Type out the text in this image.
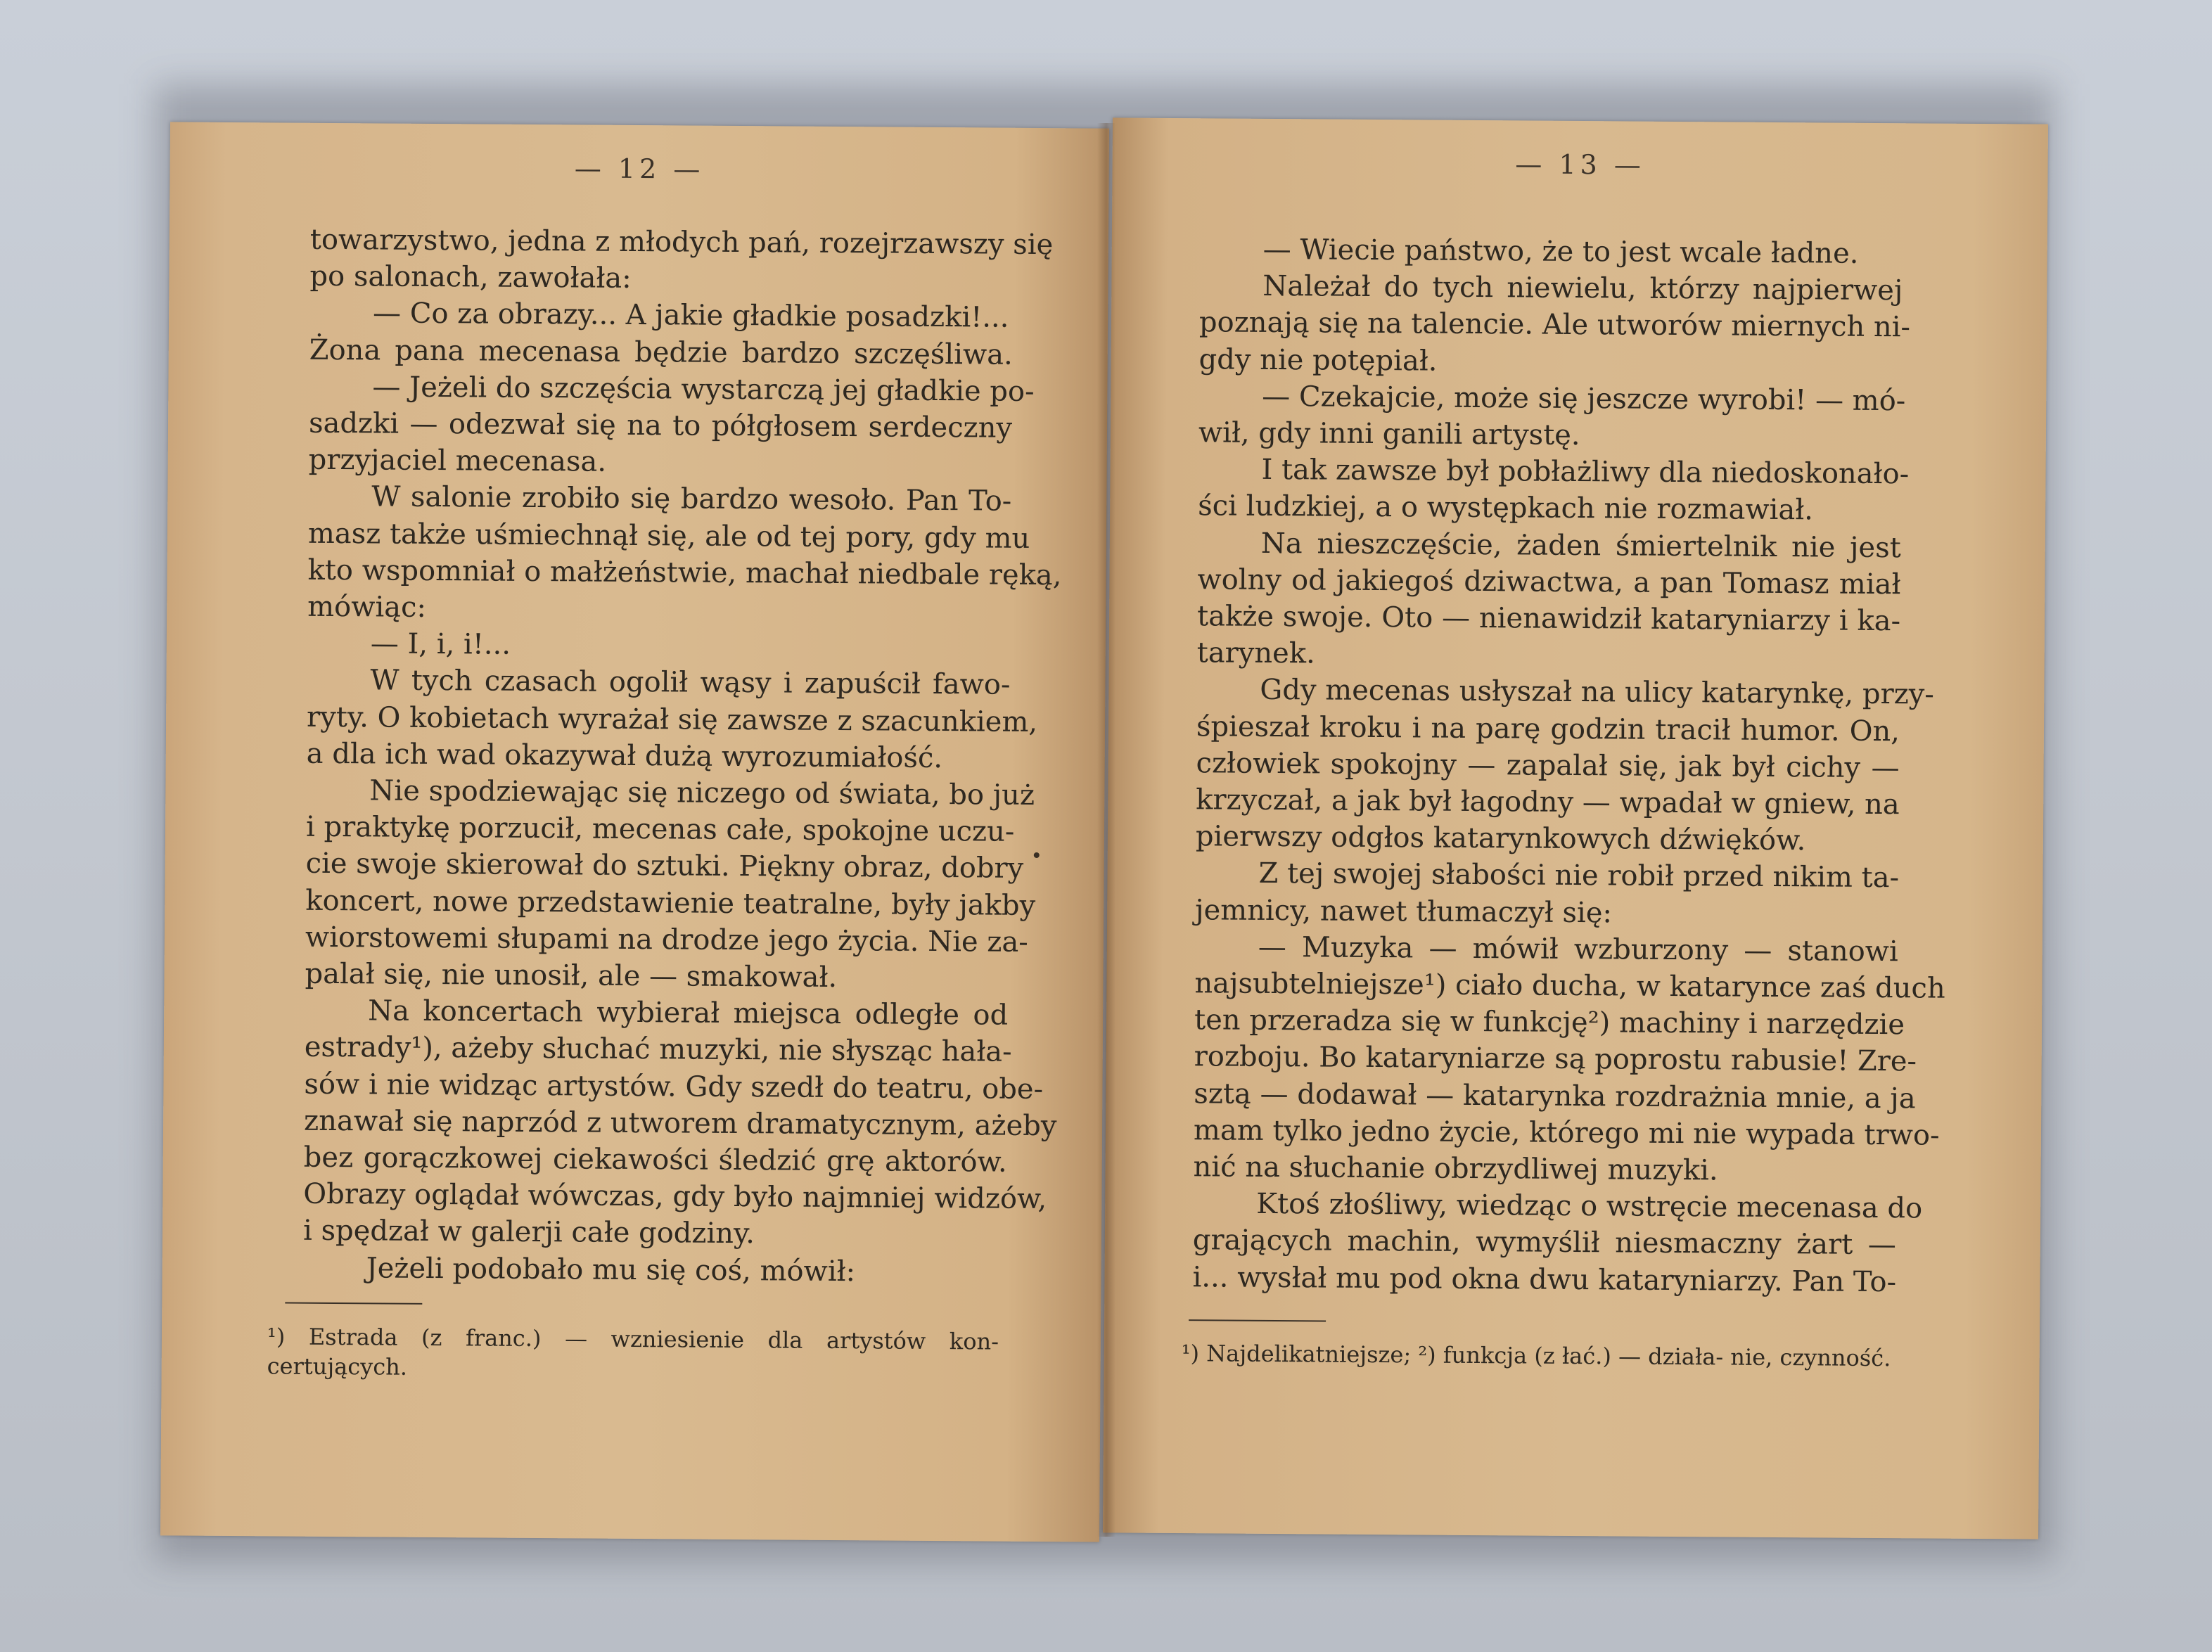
— 12 —
towarzystwo, jedna z młodych pań, rozejrzawszy się
po salonach, zawołała:
— Co za obrazy... A jakie gładkie posadzki!...
Żona pana mecenasa będzie bardzo szczęśliwa.
— Jeżeli do szczęścia wystarczą jej gładkie po-
sadzki — odezwał się na to półgłosem serdeczny
przyjaciel mecenasa.
W salonie zrobiło się bardzo wesoło. Pan To-
masz także uśmiechnął się, ale od tej pory, gdy mu
kto wspomniał o małżeństwie, machał niedbale ręką,
mówiąc:
— I, i, i!...
W tych czasach ogolił wąsy i zapuścił fawo-
ryty. O kobietach wyrażał się zawsze z szacunkiem,
a dla ich wad okazywał dużą wyrozumiałość.
Nie spodziewając się niczego od świata, bo już
i praktykę porzucił, mecenas całe, spokojne uczu-
cie swoje skierował do sztuki. Piękny obraz, dobry
koncert, nowe przedstawienie teatralne, były jakby
wiorstowemi słupami na drodze jego życia. Nie za-
palał się, nie unosił, ale — smakował.
Na koncertach wybierał miejsca odległe od
estrady¹), ażeby słuchać muzyki, nie słysząc hała-
sów i nie widząc artystów. Gdy szedł do teatru, obe-
znawał się naprzód z utworem dramatycznym, ażeby
bez gorączkowej ciekawości śledzić grę aktorów.
Obrazy oglądał wówczas, gdy było najmniej widzów,
i spędzał w galerji całe godziny.
Jeżeli podobało mu się coś, mówił:
¹) Estrada (z franc.) — wzniesienie dla artystów kon- certujących.
— 13 —
— Wiecie państwo, że to jest wcale ładne.
Należał do tych niewielu, którzy najpierwej
poznają się na talencie. Ale utworów miernych ni-
gdy nie potępiał.
— Czekajcie, może się jeszcze wyrobi! — mó-
wił, gdy inni ganili artystę.
I tak zawsze był pobłażliwy dla niedoskonało-
ści ludzkiej, a o występkach nie rozmawiał.
Na nieszczęście, żaden śmiertelnik nie jest
wolny od jakiegoś dziwactwa, a pan Tomasz miał
także swoje. Oto — nienawidził kataryniarzy i ka-
tarynek.
Gdy mecenas usłyszał na ulicy katarynkę, przy-
śpieszał kroku i na parę godzin tracił humor. On,
człowiek spokojny — zapalał się, jak był cichy —
krzyczał, a jak był łagodny — wpadał w gniew, na
pierwszy odgłos katarynkowych dźwięków.
Z tej swojej słabości nie robił przed nikim ta-
jemnicy, nawet tłumaczył się:
— Muzyka — mówił wzburzony — stanowi
najsubtelniejsze¹) ciało ducha, w katarynce zaś duch
ten przeradza się w funkcję²) machiny i narzędzie
rozboju. Bo kataryniarze są poprostu rabusie! Zre-
sztą — dodawał — katarynka rozdrażnia mnie, a ja
mam tylko jedno życie, którego mi nie wypada trwo-
nić na słuchanie obrzydliwej muzyki.
Ktoś złośliwy, wiedząc o wstręcie mecenasa do
grających machin, wymyślił niesmaczny żart —
i... wysłał mu pod okna dwu kataryniarzy. Pan To-
¹) Najdelikatniejsze; ²) funkcja (z łać.) — działa- nie, czynność.
